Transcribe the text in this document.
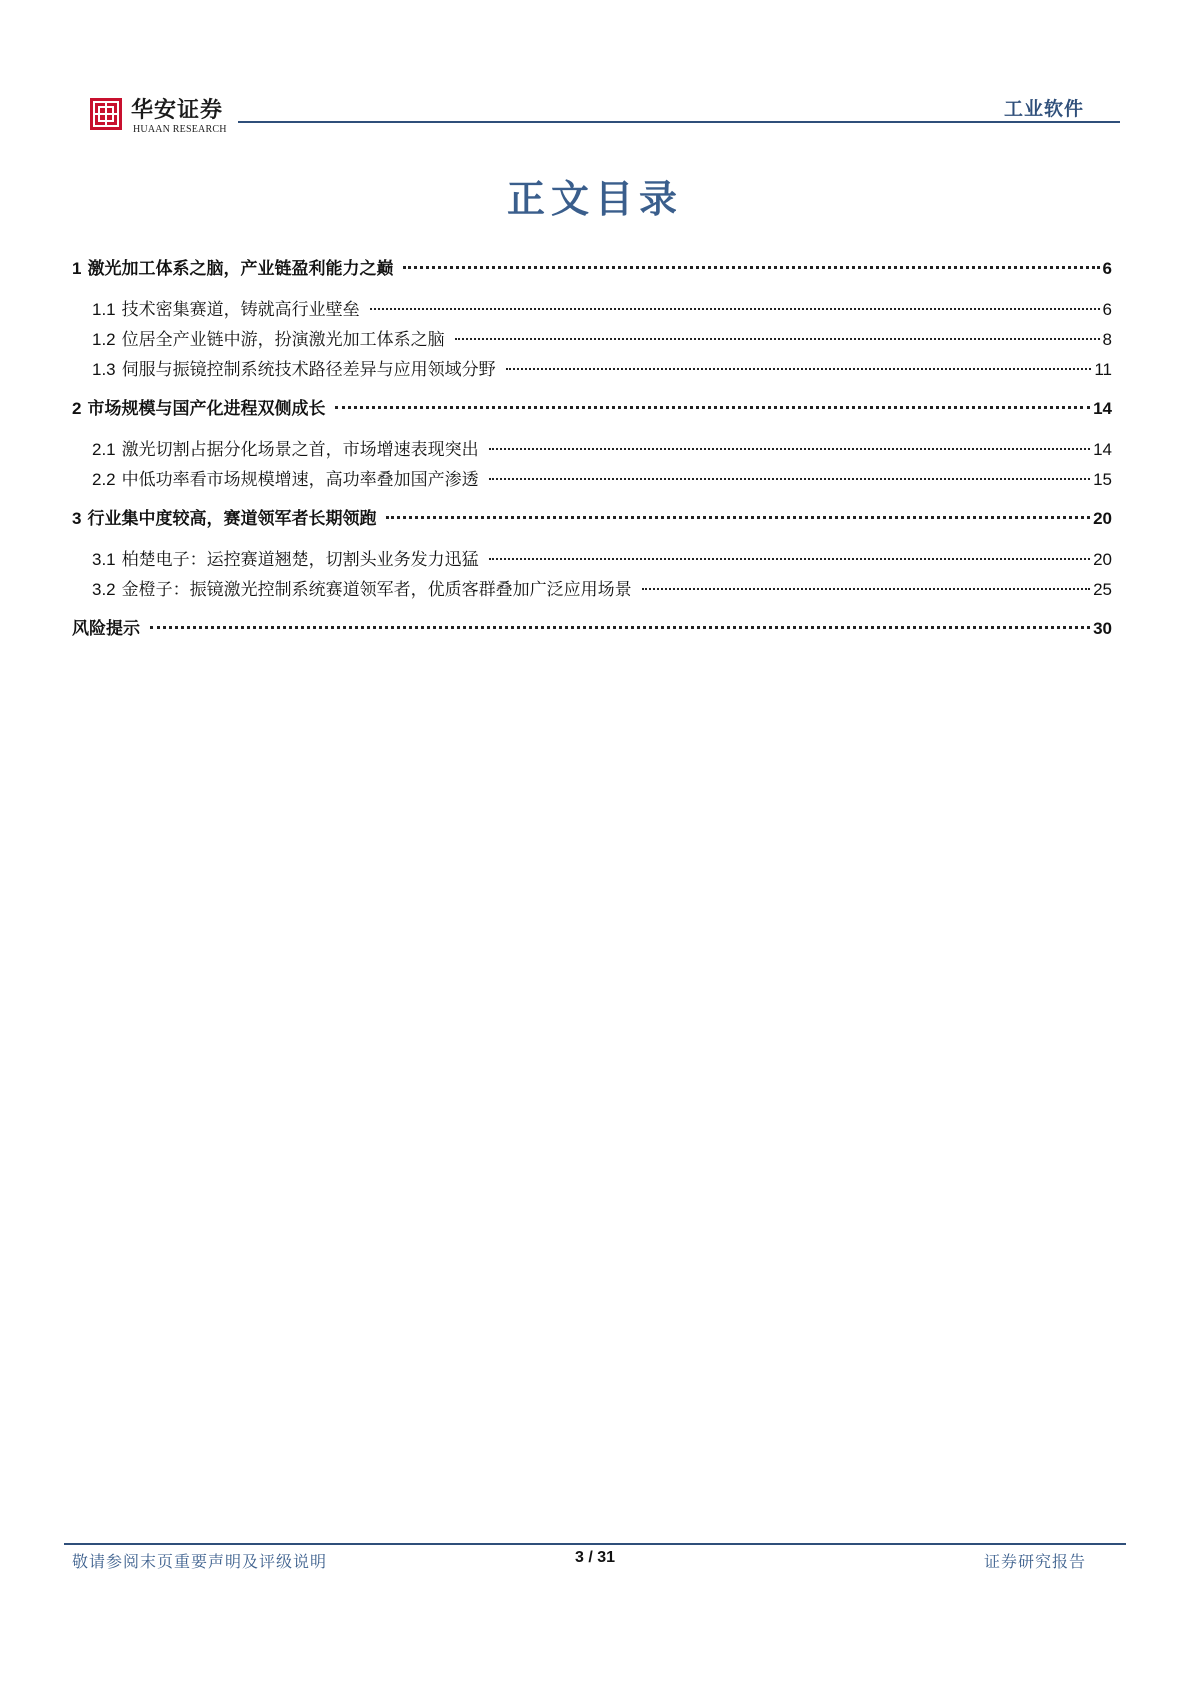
华安证券
HUAAN RESEARCH
工业软件
正文目录
1 激光加工体系之脑，产业链盈利能力之巅	6
1.1 技术密集赛道，铸就高行业壁垒	6
1.2 位居全产业链中游，扮演激光加工体系之脑	8
1.3 伺服与振镜控制系统技术路径差异与应用领域分野	11
2 市场规模与国产化进程双侧成长	14
2.1 激光切割占据分化场景之首，市场增速表现突出	14
2.2 中低功率看市场规模增速，高功率叠加国产渗透	15
3 行业集中度较高，赛道领军者长期领跑	20
3.1 柏楚电子：运控赛道翘楚，切割头业务发力迅猛	20
3.2 金橙子：振镜激光控制系统赛道领军者，优质客群叠加广泛应用场景	25
风险提示	30
敬请参阅末页重要声明及评级说明	3 / 31	证券研究报告
